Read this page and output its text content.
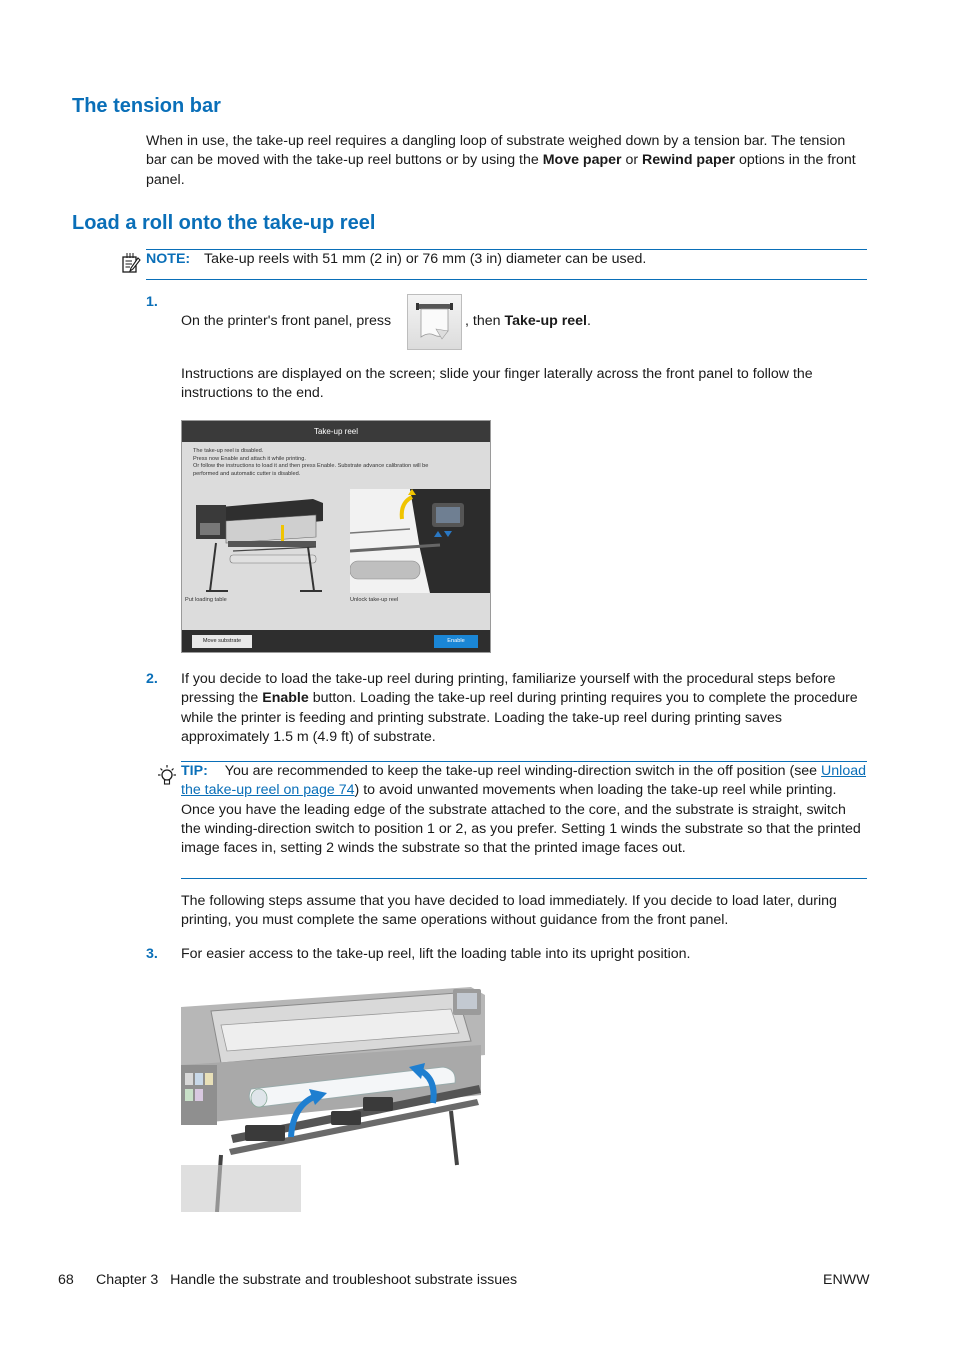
The tension bar

When in use, the take-up reel requires a dangling loop of substrate weighed down by a tension bar. The tension bar can be moved with the take-up reel buttons or by using the Move paper or Rewind paper options in the front panel.

Load a roll onto the take-up reel
NOTE: Take-up reels with 51 mm (2 in) or 76 mm (3 in) diameter can be used.
1.
On the printer's front panel, press	, then Take-up reel.

Instructions are displayed on the screen; slide your finger laterally across the front panel to follow the instructions to the end.

Take-up reel
The take-up reel is disabled.
Press now Enable and attach it while printing.
Or follow the instructions to load it and then press Enable. Substrate advance calibration will be
performed and automatic cutter is disabled.
Put loading table	Unlock take-up reel
Move substrate	Enable
2. If you decide to load the take-up reel during printing, familiarize yourself with the procedural steps before pressing the Enable button. Loading the take-up reel during printing requires you to complete the procedure while the printer is feeding and printing substrate. Loading the take-up reel during printing saves approximately 1.5 m (4.9 ft) of substrate.

TIP: You are recommended to keep the take-up reel winding-direction switch in the off position (see Unload the take-up reel on page 74) to avoid unwanted movements when loading the take-up reel while printing. Once you have the leading edge of the substrate attached to the core, and the substrate is straight, switch the winding-direction switch to position 1 or 2, as you prefer. Setting 1 winds the substrate so that the printed image faces in, setting 2 winds the substrate so that the printed image faces out.

The following steps assume that you have decided to load immediately. If you decide to load later, during printing, you must complete the same operations without guidance from the front panel.

3. For easier access to the take-up reel, lift the loading table into its upright position.

68 Chapter 3   Handle the substrate and troubleshoot substrate issues	ENWW
